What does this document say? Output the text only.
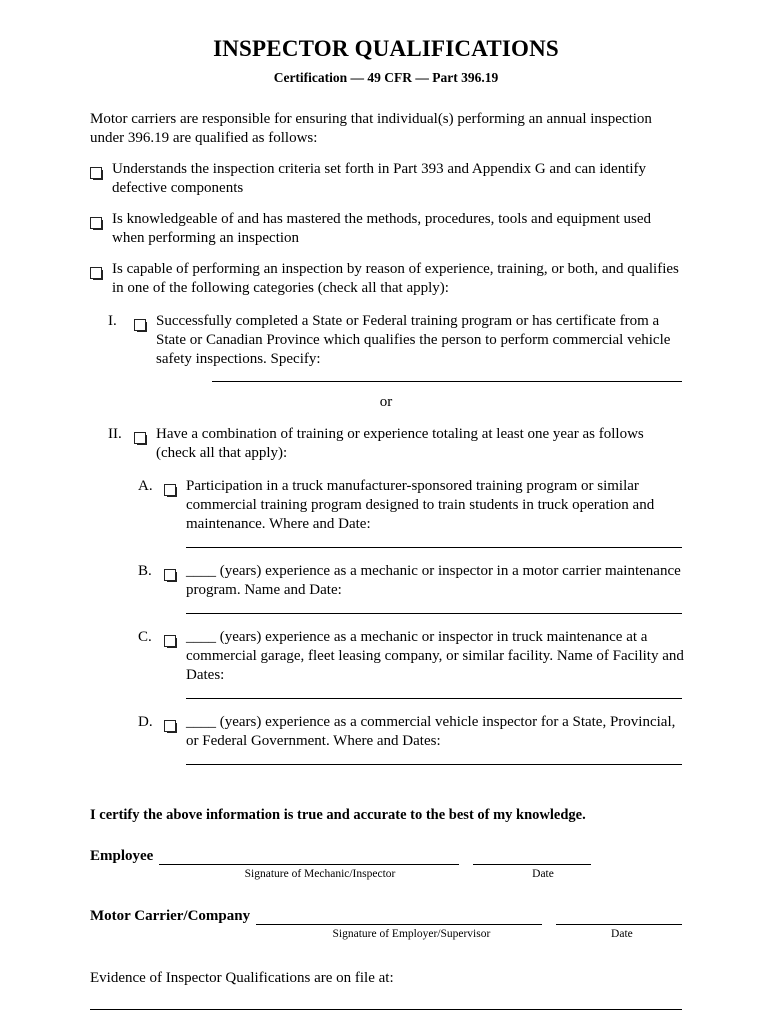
INSPECTOR QUALIFICATIONS
Certification — 49 CFR — Part 396.19
Motor carriers are responsible for ensuring that individual(s) performing an annual inspection under 396.19 are qualified as follows:
Understands the inspection criteria set forth in Part 393 and Appendix G and can identify defective components
Is knowledgeable of and has mastered the methods, procedures, tools and equipment used when performing an inspection
Is capable of performing an inspection by reason of experience, training, or both, and qualifies in one of the following categories (check all that apply):
I.	Successfully completed a State or Federal training program or has certificate from a State or Canadian Province which qualifies the person to perform commercial vehicle safety inspections. Specify:
or
II.	Have a combination of training or experience totaling at least one year as follows (check all that apply):
A.	Participation in a truck manufacturer-sponsored training program or similar commercial training program designed to train students in truck operation and maintenance. Where and Date:
B.	____ (years) experience as a mechanic or inspector in a motor carrier maintenance program. Name and Date:
C.	____ (years) experience as a mechanic or inspector in truck maintenance at a commercial garage, fleet leasing company, or similar facility. Name of Facility and Dates:
D.	____ (years) experience as a commercial vehicle inspector for a State, Provincial, or Federal Government. Where and Dates:
I certify the above information is true and accurate to the best of my knowledge.
Employee
Signature of Mechanic/Inspector	Date
Motor Carrier/Company
Signature of Employer/Supervisor	Date
Evidence of Inspector Qualifications are on file at:
